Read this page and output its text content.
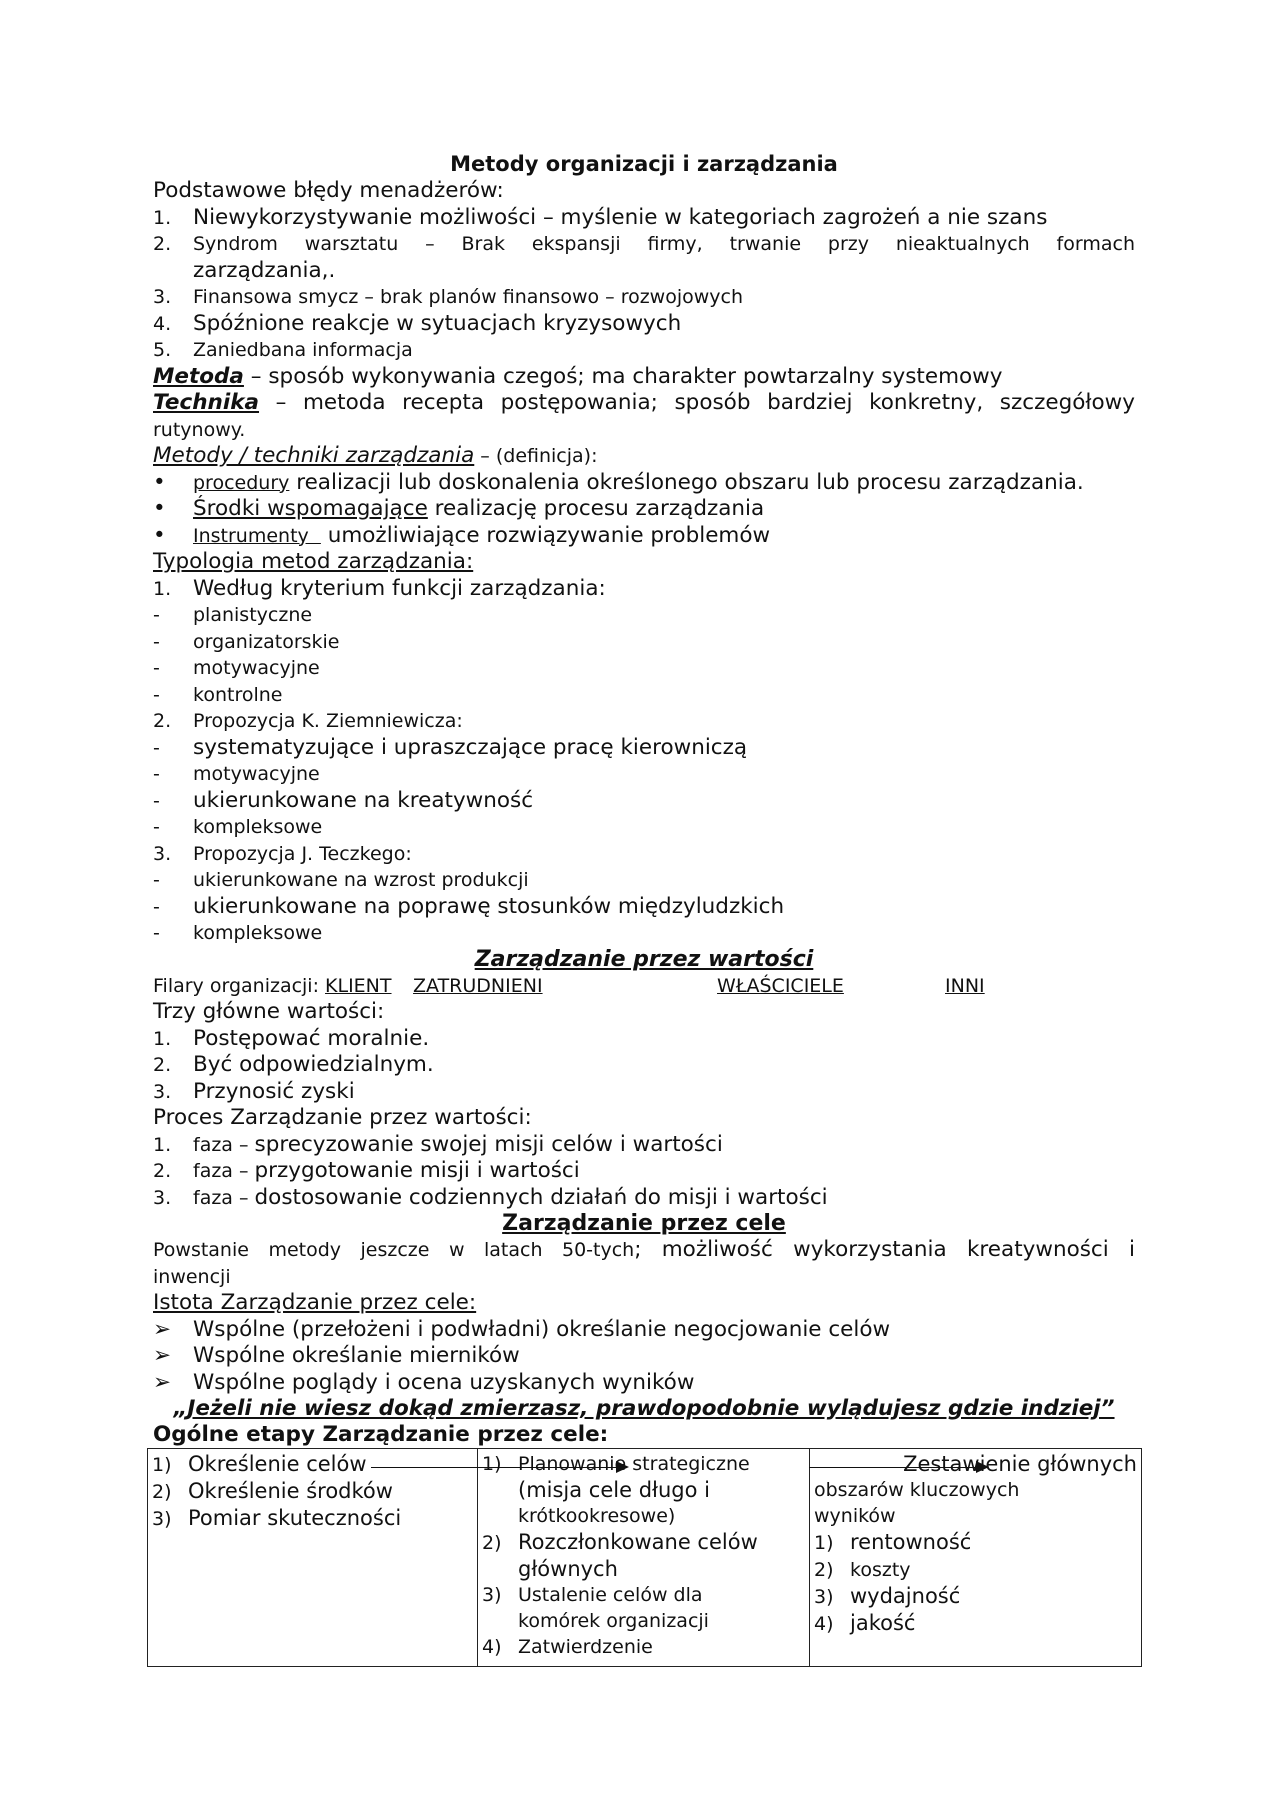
Metody organizacji i zarządzania
Podstawowe błędy menadżerów:
1. Niewykorzystywanie możliwości – myślenie w kategoriach zagrożeń a nie szans
2. Syndrom warsztatu – Brak ekspansji firmy, trwanie przy nieaktualnych formach
zarządzania,.
3. Finansowa smycz – brak planów finansowo – rozwojowych
4. Spóźnione reakcje w sytuacjach kryzysowych
5. Zaniedbana informacja
Metoda – sposób wykonywania czegoś; ma charakter powtarzalny systemowy
Technika – metoda recepta postępowania; sposób bardziej konkretny, szczegółowy
rutynowy.
Metody / techniki zarządzania – (definicja):
• procedury realizacji lub doskonalenia określonego obszaru lub procesu zarządzania.
• Środki wspomagające realizację procesu zarządzania
• Instrumenty   umożliwiające rozwiązywanie problemów
Typologia metod zarządzania:
1. Według kryterium funkcji zarządzania:
- planistyczne
- organizatorskie
- motywacyjne
- kontrolne
2. Propozycja K. Ziemniewicza:
- systematyzujące i upraszczające pracę kierowniczą
- motywacyjne
- ukierunkowane na kreatywność
- kompleksowe
3. Propozycja J. Teczkego:
- ukierunkowane na wzrost produkcji
- ukierunkowane na poprawę stosunków międzyludzkich
- kompleksowe
Zarządzanie przez wartości
Filary organizacji: KLIENT ZATRUDNIENI	WŁAŚCICIELE	INNI
Trzy główne wartości:
1. Postępować moralnie.
2. Być odpowiedzialnym.
3. Przynosić zyski
Proces Zarządzanie przez wartości:
1. faza – sprecyzowanie swojej misji celów i wartości
2. faza – przygotowanie misji i wartości
3. faza – dostosowanie codziennych działań do misji i wartości
Zarządzanie przez cele
Powstanie metody jeszcze w latach 50-tych; możliwość wykorzystania kreatywności i
inwencji
Istota Zarządzanie przez cele:
➢ Wspólne (przełożeni i podwładni) określanie negocjowanie celów
➢ Wspólne określanie mierników
➢ Wspólne poglądy i ocena uzyskanych wyników
„Jeżeli nie wiesz dokąd zmierzasz, prawdopodobnie wylądujesz gdzie indziej”
Ogólne etapy Zarządzanie przez cele:
1) Określenie celów
2) Określenie środków
3) Pomiar skuteczności

1) Planowanie strategiczne
(misja cele długo i
krótkookresowe)
2) Rozczłonkowane celów
głównych
3) Ustalenie celów dla
komórek organizacji
4) Zatwierdzenie

Zestawienie głównych
obszarów kluczowych
wyników
1) rentowność
2) koszty
3) wydajność
4) jakość
